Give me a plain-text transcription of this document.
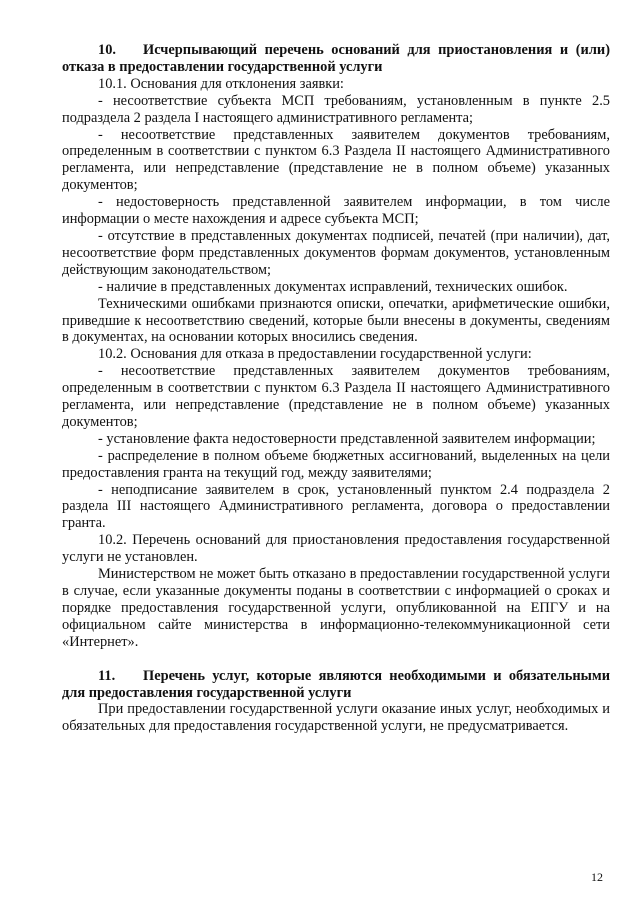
10. Исчерпывающий перечень оснований для приостановления и (или) отказа в предоставлении государственной услуги

10.1. Основания для отклонения заявки:

- несоответствие субъекта МСП требованиям, установленным в пункте 2.5 подраздела 2 раздела I настоящего административного регламента;

- несоответствие представленных заявителем документов требованиям, определенным в соответствии с пунктом 6.3 Раздела II настоящего Административного регламента, или непредставление (представление не в полном объеме) указанных документов;

- недостоверность представленной заявителем информации, в том числе информации о месте нахождения и адресе субъекта МСП;

- отсутствие в представленных документах подписей, печатей (при наличии), дат, несоответствие форм представленных документов формам документов, установленным действующим законодательством;

- наличие в представленных документах исправлений, технических ошибок.

Техническими ошибками признаются описки, опечатки, арифметические ошибки, приведшие к несоответствию сведений, которые были внесены в документы, сведениям в документах, на основании которых вносились сведения.

10.2. Основания для отказа в предоставлении государственной услуги:

- несоответствие представленных заявителем документов требованиям, определенным в соответствии с пунктом 6.3 Раздела II настоящего Административного регламента, или непредставление (представление не в полном объеме) указанных документов;

- установление факта недостоверности представленной заявителем информации;

- распределение в полном объеме бюджетных ассигнований, выделенных на цели предоставления гранта на текущий год, между заявителями;

- неподписание заявителем в срок, установленный пунктом 2.4 подраздела 2 раздела III настоящего Административного регламента, договора о предоставлении гранта.

10.2. Перечень оснований для приостановления предоставления государственной услуги не установлен.

Министерством не может быть отказано в предоставлении государственной услуги в случае, если указанные документы поданы в соответствии с информацией о сроках и порядке предоставления государственной услуги, опубликованной на ЕПГУ и на официальном сайте министерства в информационно-телекоммуникационной сети «Интернет».

11. Перечень услуг, которые являются необходимыми и обязательными для предоставления государственной услуги

При предоставлении государственной услуги оказание иных услуг, необходимых и обязательных для предоставления государственной услуги, не предусматривается.

12
